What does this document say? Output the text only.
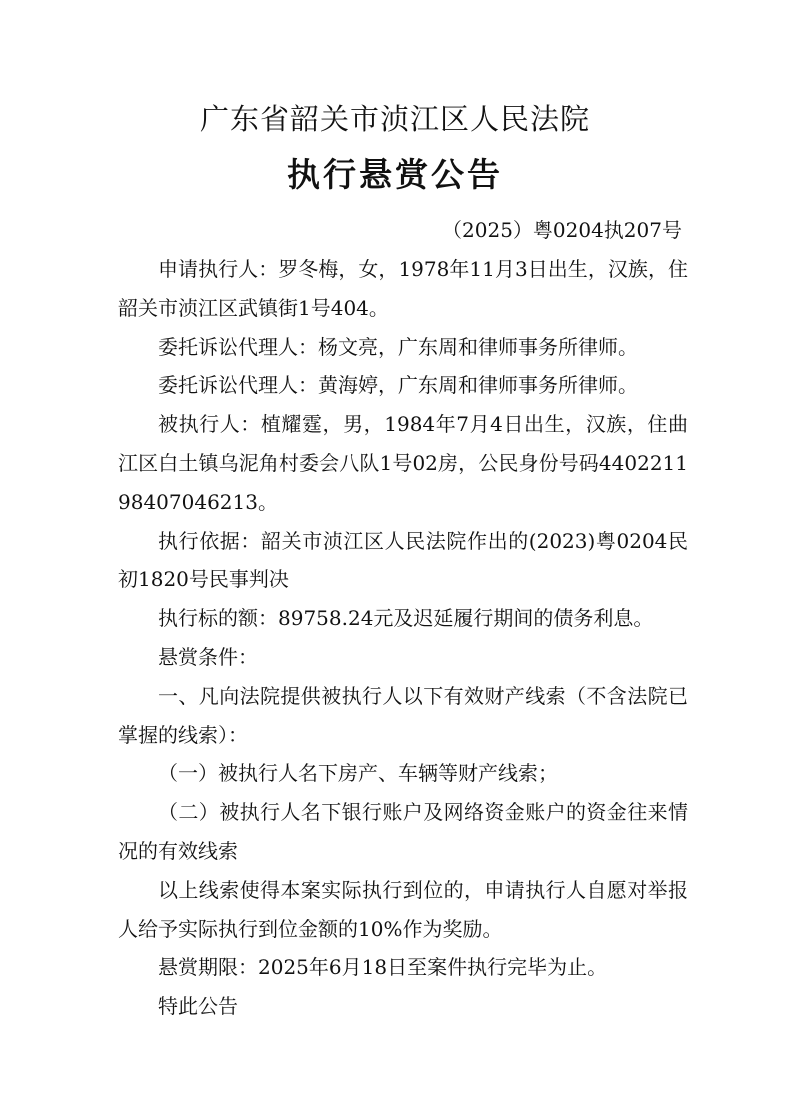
广东省韶关市浈江区人民法院
执行悬赏公告
（2025）粤0204执207号

申请执行人：罗冬梅，女，1978年11月3日出生，汉族，住韶关市浈江区武镇街1号404。

委托诉讼代理人：杨文亮，广东周和律师事务所律师。

委托诉讼代理人：黄海婷，广东周和律师事务所律师。

被执行人：植耀霆，男，1984年7月4日出生，汉族，住曲江区白土镇乌泥角村委会八队1号02房，公民身份号码440221198407046213。

执行依据：韶关市浈江区人民法院作出的(2023)粤0204民初1820号民事判决

执行标的额：89758.24元及迟延履行期间的债务利息。

悬赏条件：

一、凡向法院提供被执行人以下有效财产线索（不含法院已掌握的线索）：

（一）被执行人名下房产、车辆等财产线索；

（二）被执行人名下银行账户及网络资金账户的资金往来情况的有效线索

以上线索使得本案实际执行到位的，申请执行人自愿对举报人给予实际执行到位金额的10%作为奖励。

悬赏期限：2025年6月18日至案件执行完毕为止。

特此公告
